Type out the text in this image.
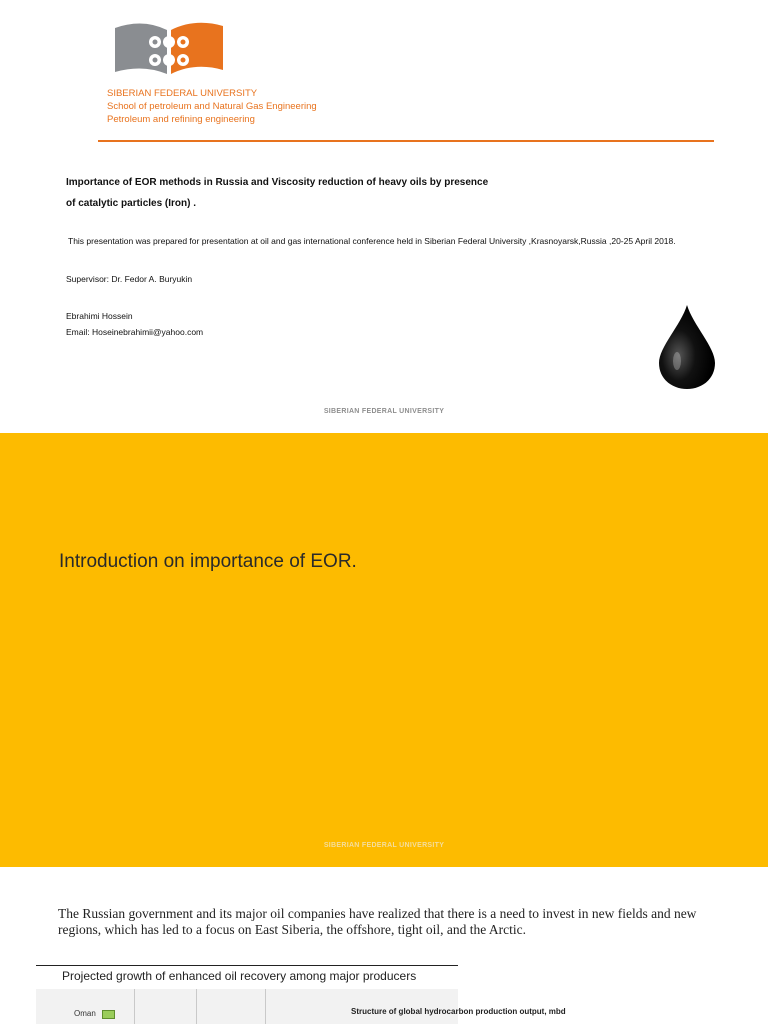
SIBERIAN FEDERAL UNIVERSITY
School of petroleum and Natural Gas Engineering
Petroleum and refining engineering
Importance of EOR methods in Russia and Viscosity reduction of heavy oils by presence
of catalytic particles (Iron) .
This presentation was prepared for presentation at oil and gas international conference held in Siberian Federal University ,Krasnoyarsk,Russia ,20-25 April 2018.
Supervisor: Dr. Fedor A. Buryukin
Ebrahimi Hossein
Email: Hoseinebrahimii@yahoo.com
SIBERIAN FEDERAL UNIVERSITY
Introduction on importance of EOR.
SIBERIAN FEDERAL UNIVERSITY
The Russian government and its major oil companies have realized that there is a need to invest in new fields and new regions, which has led to a focus on East Siberia, the offshore, tight oil, and the Arctic.
Projected growth of enhanced oil recovery among major producers
Oman	Structure of global hydrocarbon production output, mbd
